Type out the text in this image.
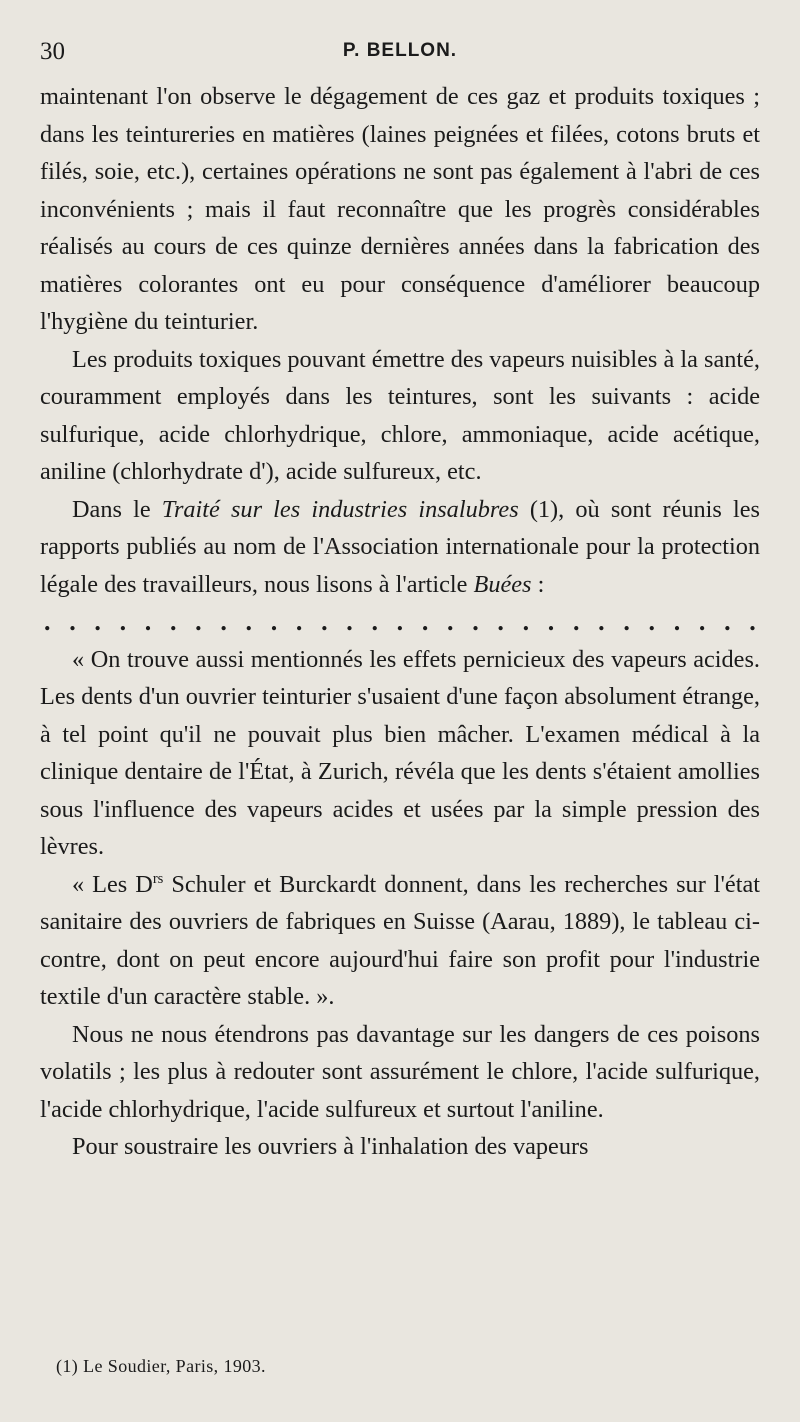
30	P. BELLON.

maintenant l'on observe le dégagement de ces gaz et produits toxiques ; dans les teintureries en matières (laines peignées et filées, cotons bruts et filés, soie, etc.), certaines opérations ne sont pas également à l'abri de ces inconvénients ; mais il faut reconnaître que les progrès considérables réalisés au cours de ces quinze dernières années dans la fabrication des matières colorantes ont eu pour conséquence d'améliorer beaucoup l'hygiène du teinturier.

Les produits toxiques pouvant émettre des vapeurs nuisibles à la santé, couramment employés dans les teintures, sont les suivants : acide sulfurique, acide chlorhydrique, chlore, ammoniaque, acide acétique, aniline (chlorhydrate d'), acide sulfureux, etc.

Dans le Traité sur les industries insalubres (1), où sont réunis les rapports publiés au nom de l'Association internationale pour la protection légale des travailleurs, nous lisons à l'article Buées :

. . . . . . . . . . . . . . . . . . . . . . . . . . . . .

« On trouve aussi mentionnés les effets pernicieux des vapeurs acides. Les dents d'un ouvrier teinturier s'usaient d'une façon absolument étrange, à tel point qu'il ne pouvait plus bien mâcher. L'examen médical à la clinique dentaire de l'État, à Zurich, révéla que les dents s'étaient amollies sous l'influence des vapeurs acides et usées par la simple pression des lèvres.

« Les $D^{rs}$ Schuler et Burckardt donnent, dans les recherches sur l'état sanitaire des ouvriers de fabriques en Suisse (Aarau, 1889), le tableau ci-contre, dont on peut encore aujourd'hui faire son profit pour l'industrie textile d'un caractère stable. ».

Nous ne nous étendrons pas davantage sur les dangers de ces poisons volatils ; les plus à redouter sont assurément le chlore, l'acide sulfurique, l'acide chlorhydrique, l'acide sulfureux et surtout l'aniline.

Pour soustraire les ouvriers à l'inhalation des vapeurs

(1) Le Soudier, Paris, 1903.
